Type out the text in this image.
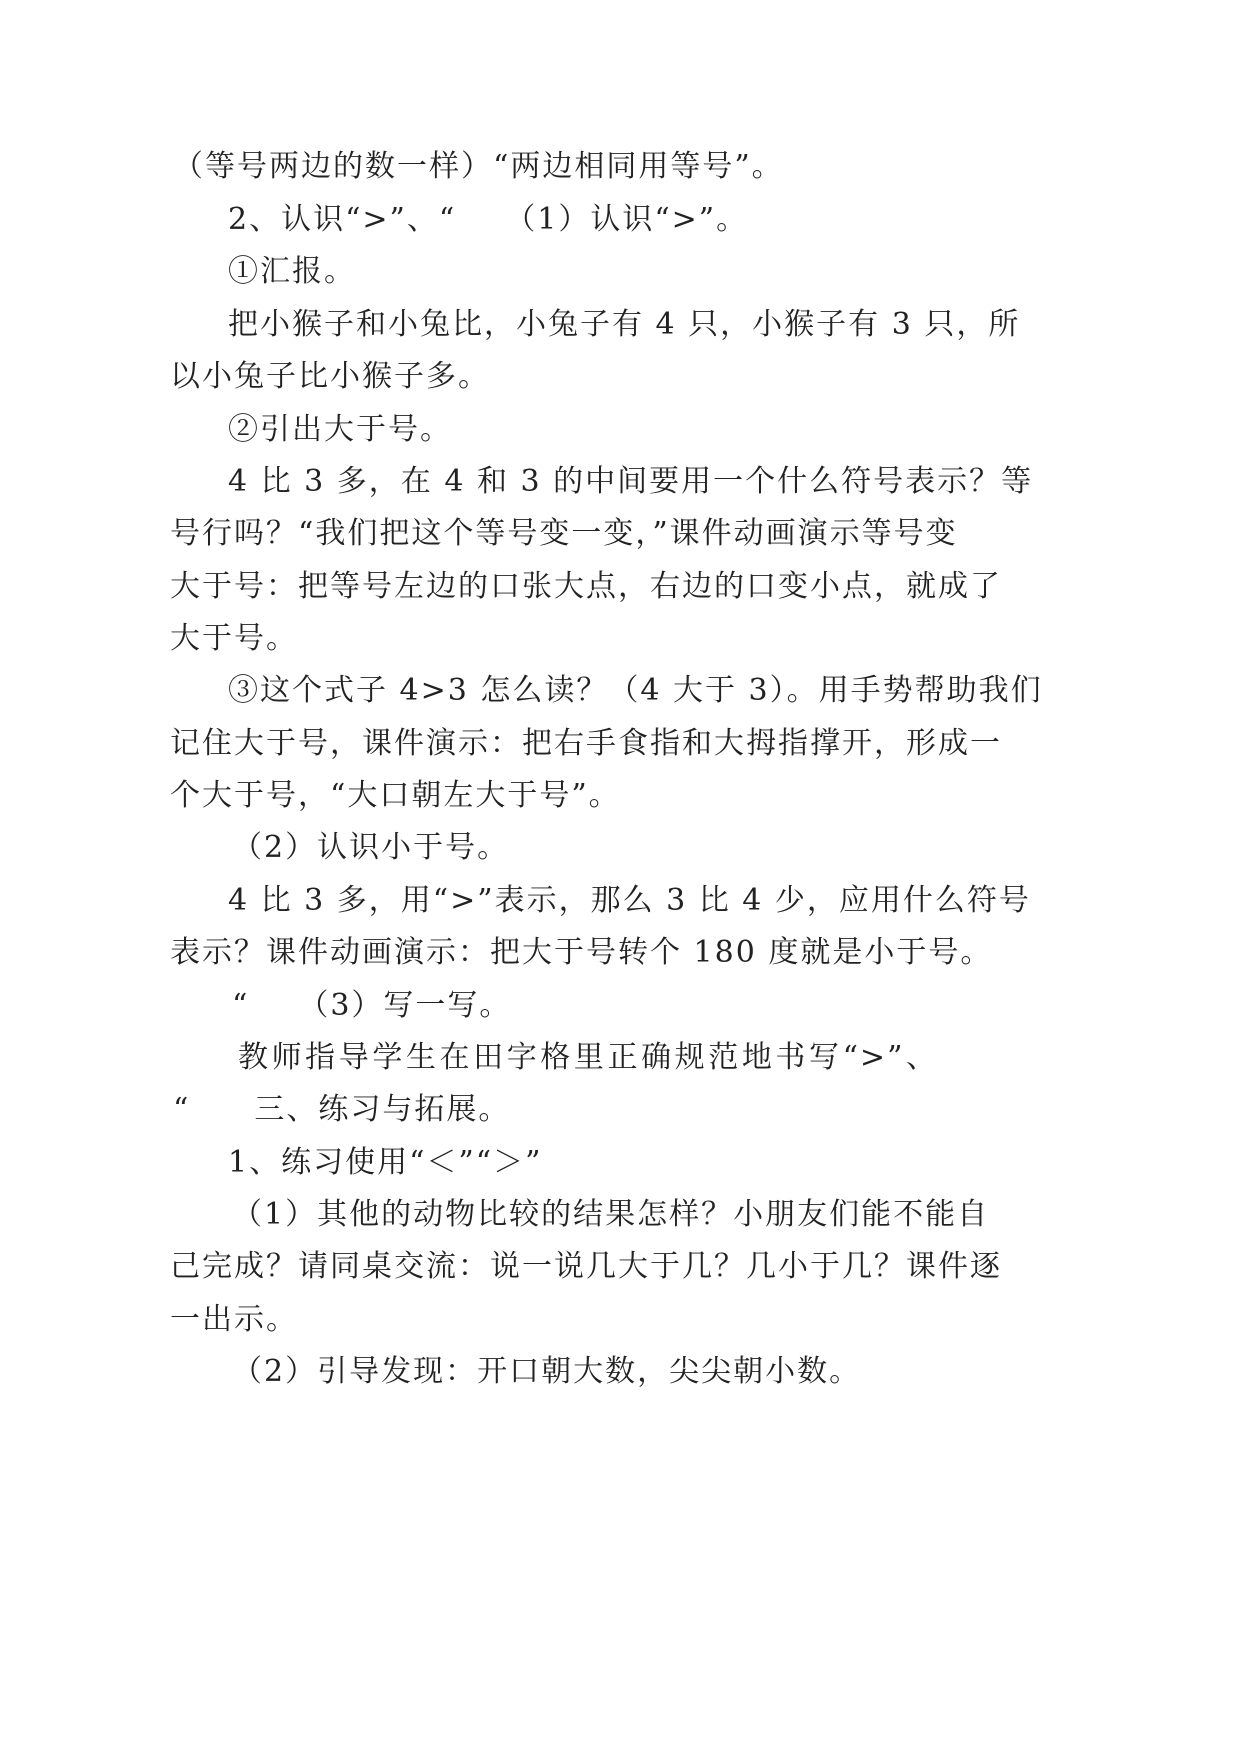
（等号两边的数一样）“两边相同用等号”。

2、认识“>”、“　　（1）认识“>”。

①汇报。

把小猴子和小兔比，小兔子有 4 只，小猴子有 3 只，所

以小兔子比小猴子多。

②引出大于号。

4 比 3 多，在 4 和 3 的中间要用一个什么符号表示？等

号行吗？“我们把这个等号变一变，”课件动画演示等号变

大于号：把等号左边的口张大点，右边的口变小点，就成了

大于号。

③这个式子 4>3 怎么读？（4 大于 3）。用手势帮助我们

记住大于号，课件演示：把右手食指和大拇指撑开，形成一

个大于号，“大口朝左大于号”。

（2）认识小于号。

4 比 3 多，用“>”表示，那么 3 比 4 少，应用什么符号

表示？课件动画演示：把大于号转个 180 度就是小于号。

“　　（3）写一写。

教师指导学生在田字格里正确规范地书写“>”、

“　　三、练习与拓展。

1、练习使用“＜”“＞”

（1）其他的动物比较的结果怎样？小朋友们能不能自

己完成？请同桌交流：说一说几大于几？几小于几？课件逐

一出示。

（2）引导发现：开口朝大数，尖尖朝小数。
